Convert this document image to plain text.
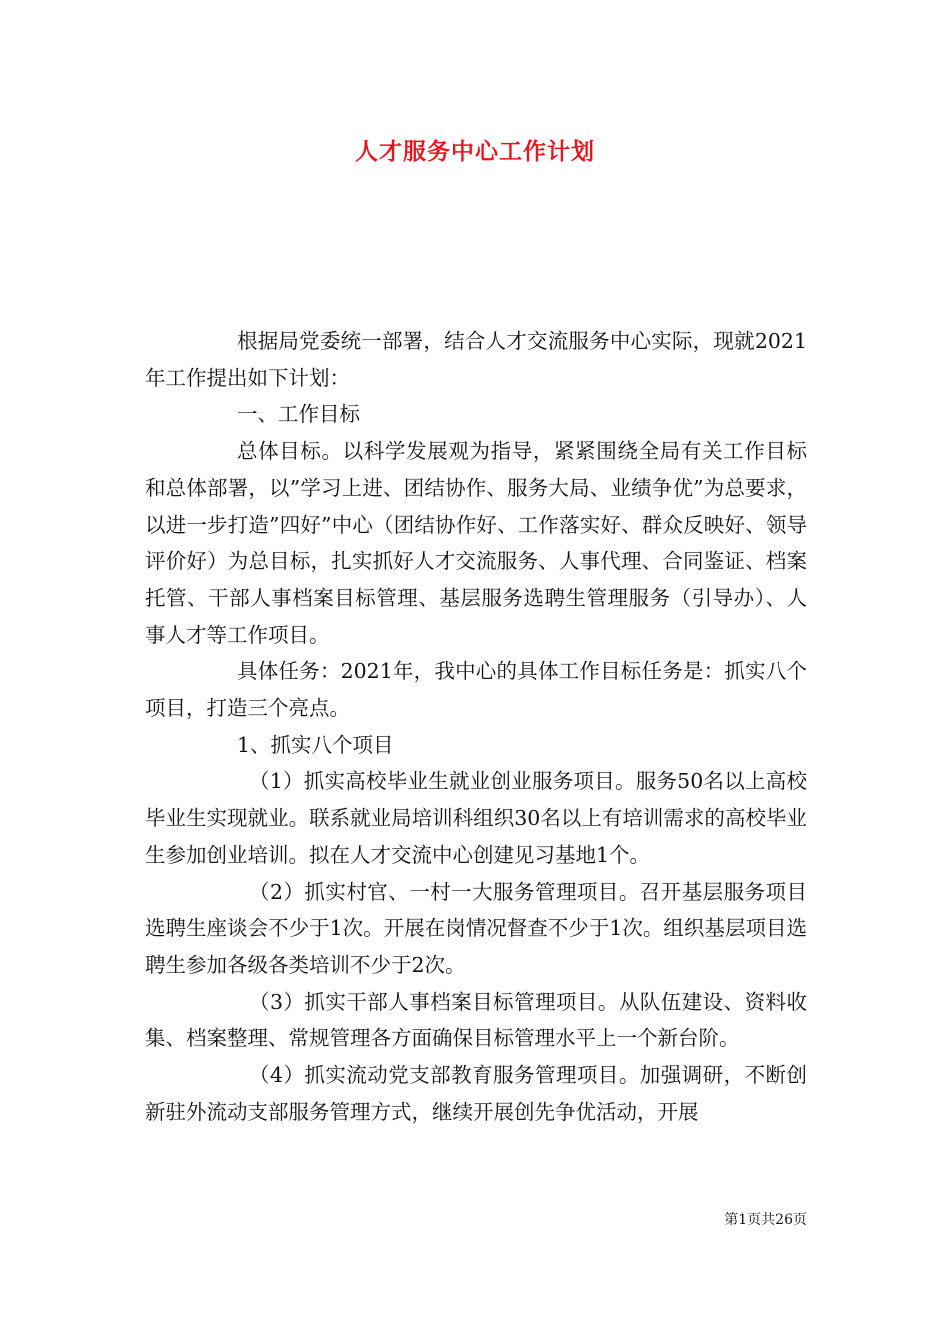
人才服务中心工作计划

根据局党委统一部署，结合人才交流服务中心实际，现就2021年工作提出如下计划：

一、工作目标

总体目标。以科学发展观为指导，紧紧围绕全局有关工作目标和总体部署，以”学习上进、团结协作、服务大局、业绩争优”为总要求，以进一步打造”四好”中心（团结协作好、工作落实好、群众反映好、领导评价好）为总目标，扎实抓好人才交流服务、人事代理、合同鉴证、档案托管、干部人事档案目标管理、基层服务选聘生管理服务（引导办）、人事人才等工作项目。

具体任务：2021年，我中心的具体工作目标任务是：抓实八个项目，打造三个亮点。

1、抓实八个项目

（1）抓实高校毕业生就业创业服务项目。服务50名以上高校毕业生实现就业。联系就业局培训科组织30名以上有培训需求的高校毕业生参加创业培训。拟在人才交流中心创建见习基地1个。

（2）抓实村官、一村一大服务管理项目。召开基层服务项目选聘生座谈会不少于1次。开展在岗情况督查不少于1次。组织基层项目选聘生参加各级各类培训不少于2次。

（3）抓实干部人事档案目标管理项目。从队伍建设、资料收集、档案整理、常规管理各方面确保目标管理水平上一个新台阶。

（4）抓实流动党支部教育服务管理项目。加强调研，不断创新驻外流动支部服务管理方式，继续开展创先争优活动，开展

第1页共26页
